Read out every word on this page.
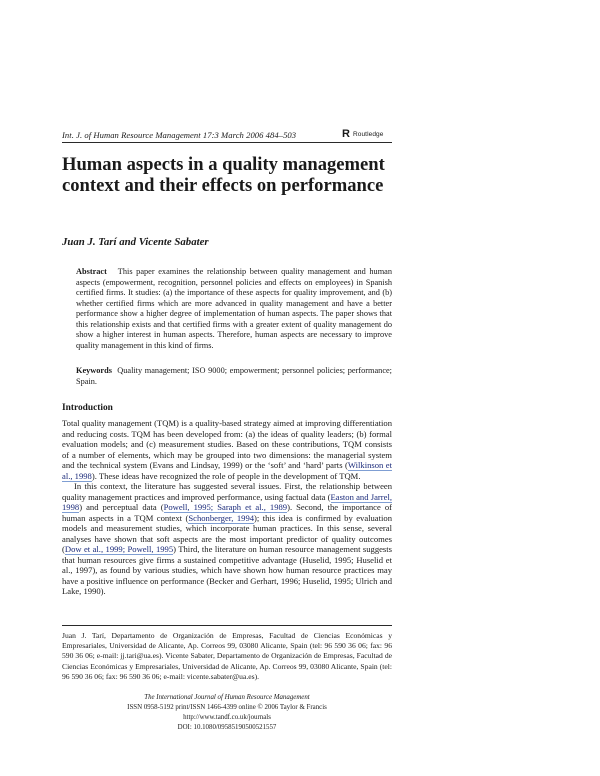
Int. J. of Human Resource Management 17:3 March 2006 484–503	R Routledge
Human aspects in a quality management context and their effects on performance

Juan J. Tarí and Vicente Sabater

Abstract This paper examines the relationship between quality management and human aspects (empowerment, recognition, personnel policies and effects on employees) in Spanish certified firms. It studies: (a) the importance of these aspects for quality improvement, and (b) whether certified firms which are more advanced in quality management and have a better performance show a higher degree of implementation of human aspects. The paper shows that this relationship exists and that certified firms with a greater extent of quality management do show a higher interest in human aspects. Therefore, human aspects are necessary to improve quality management in this kind of firms.

Keywords Quality management; ISO 9000; empowerment; personnel policies; performance; Spain.

Introduction

Total quality management (TQM) is a quality-based strategy aimed at improving differentiation and reducing costs. TQM has been developed from: (a) the ideas of quality leaders; (b) formal evaluation models; and (c) measurement studies. Based on these contributions, TQM consists of a number of elements, which may be grouped into two dimensions: the managerial system and the technical system (Evans and Lindsay, 1999) or the ‘soft’ and ‘hard’ parts (Wilkinson et al., 1998). These ideas have recognized the role of people in the development of TQM.

In this context, the literature has suggested several issues. First, the relationship between quality management practices and improved performance, using factual data (Easton and Jarrel, 1998) and perceptual data (Powell, 1995; Saraph et al., 1989). Second, the importance of human aspects in a TQM context (Schonberger, 1994); this idea is confirmed by evaluation models and measurement studies, which incorporate human practices. In this sense, several analyses have shown that soft aspects are the most important predictor of quality outcomes (Dow et al., 1999; Powell, 1995) Third, the literature on human resource management suggests that human resources give firms a sustained competitive advantage (Huselid, 1995; Huselid et al., 1997), as found by various studies, which have shown how human resource practices may have a positive influence on performance (Becker and Gerhart, 1996; Huselid, 1995; Ulrich and Lake, 1990).

Juan J. Tarí, Departamento de Organización de Empresas, Facultad de Ciencias Económicas y Empresariales, Universidad de Alicante, Ap. Correos 99, 03080 Alicante, Spain (tel: 96 590 36 06; fax: 96 590 36 06; e-mail: jj.tari@ua.es). Vicente Sabater, Departamento de Organización de Empresas, Facultad de Ciencias Económicas y Empresariales, Universidad de Alicante, Ap. Correos 99, 03080 Alicante, Spain (tel: 96 590 36 06; fax: 96 590 36 06; e-mail: vicente.sabater@ua.es).

The International Journal of Human Resource Management
ISSN 0958-5192 print/ISSN 1466-4399 online © 2006 Taylor & Francis
http://www.tandf.co.uk/journals
DOI: 10.1080/09585190500521557
